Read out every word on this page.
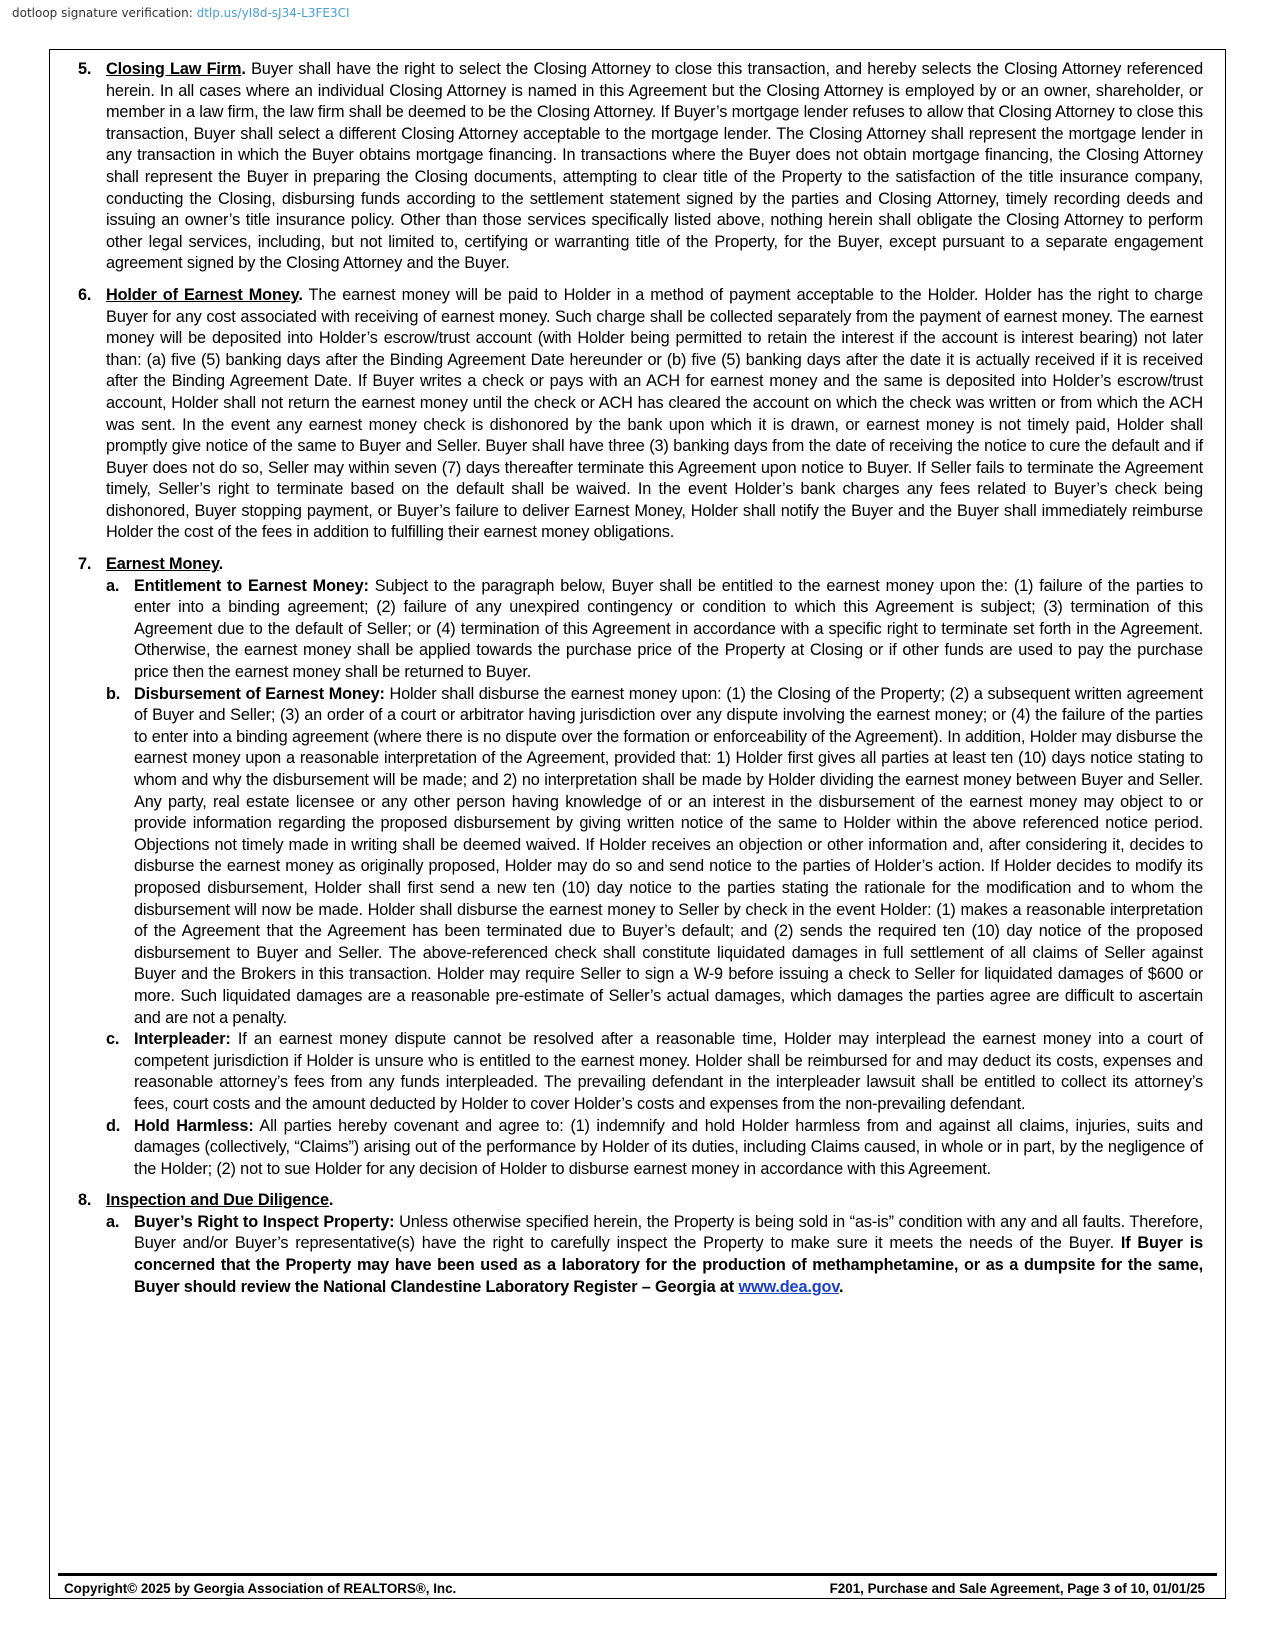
dotloop signature verification: dtlp.us/yI8d-sJ34-L3FE3CI
5. Closing Law Firm. Buyer shall have the right to select the Closing Attorney to close this transaction, and hereby selects the Closing Attorney referenced herein. In all cases where an individual Closing Attorney is named in this Agreement but the Closing Attorney is employed by or an owner, shareholder, or member in a law firm, the law firm shall be deemed to be the Closing Attorney. If Buyer’s mortgage lender refuses to allow that Closing Attorney to close this transaction, Buyer shall select a different Closing Attorney acceptable to the mortgage lender. The Closing Attorney shall represent the mortgage lender in any transaction in which the Buyer obtains mortgage financing. In transactions where the Buyer does not obtain mortgage financing, the Closing Attorney shall represent the Buyer in preparing the Closing documents, attempting to clear title of the Property to the satisfaction of the title insurance company, conducting the Closing, disbursing funds according to the settlement statement signed by the parties and Closing Attorney, timely recording deeds and issuing an owner’s title insurance policy. Other than those services specifically listed above, nothing herein shall obligate the Closing Attorney to perform other legal services, including, but not limited to, certifying or warranting title of the Property, for the Buyer, except pursuant to a separate engagement agreement signed by the Closing Attorney and the Buyer.
6. Holder of Earnest Money. The earnest money will be paid to Holder in a method of payment acceptable to the Holder. Holder has the right to charge Buyer for any cost associated with receiving of earnest money. Such charge shall be collected separately from the payment of earnest money. The earnest money will be deposited into Holder’s escrow/trust account (with Holder being permitted to retain the interest if the account is interest bearing) not later than: (a) five (5) banking days after the Binding Agreement Date hereunder or (b) five (5) banking days after the date it is actually received if it is received after the Binding Agreement Date. If Buyer writes a check or pays with an ACH for earnest money and the same is deposited into Holder’s escrow/trust account, Holder shall not return the earnest money until the check or ACH has cleared the account on which the check was written or from which the ACH was sent. In the event any earnest money check is dishonored by the bank upon which it is drawn, or earnest money is not timely paid, Holder shall promptly give notice of the same to Buyer and Seller. Buyer shall have three (3) banking days from the date of receiving the notice to cure the default and if Buyer does not do so, Seller may within seven (7) days thereafter terminate this Agreement upon notice to Buyer. If Seller fails to terminate the Agreement timely, Seller’s right to terminate based on the default shall be waived. In the event Holder’s bank charges any fees related to Buyer’s check being dishonored, Buyer stopping payment, or Buyer’s failure to deliver Earnest Money, Holder shall notify the Buyer and the Buyer shall immediately reimburse Holder the cost of the fees in addition to fulfilling their earnest money obligations.
7. Earnest Money.
a. Entitlement to Earnest Money: Subject to the paragraph below, Buyer shall be entitled to the earnest money upon the: (1) failure of the parties to enter into a binding agreement; (2) failure of any unexpired contingency or condition to which this Agreement is subject; (3) termination of this Agreement due to the default of Seller; or (4) termination of this Agreement in accordance with a specific right to terminate set forth in the Agreement. Otherwise, the earnest money shall be applied towards the purchase price of the Property at Closing or if other funds are used to pay the purchase price then the earnest money shall be returned to Buyer.
b. Disbursement of Earnest Money: Holder shall disburse the earnest money upon: (1) the Closing of the Property; (2) a subsequent written agreement of Buyer and Seller; (3) an order of a court or arbitrator having jurisdiction over any dispute involving the earnest money; or (4) the failure of the parties to enter into a binding agreement (where there is no dispute over the formation or enforceability of the Agreement). In addition, Holder may disburse the earnest money upon a reasonable interpretation of the Agreement, provided that: 1) Holder first gives all parties at least ten (10) days notice stating to whom and why the disbursement will be made; and 2) no interpretation shall be made by Holder dividing the earnest money between Buyer and Seller. Any party, real estate licensee or any other person having knowledge of or an interest in the disbursement of the earnest money may object to or provide information regarding the proposed disbursement by giving written notice of the same to Holder within the above referenced notice period. Objections not timely made in writing shall be deemed waived. If Holder receives an objection or other information and, after considering it, decides to disburse the earnest money as originally proposed, Holder may do so and send notice to the parties of Holder’s action. If Holder decides to modify its proposed disbursement, Holder shall first send a new ten (10) day notice to the parties stating the rationale for the modification and to whom the disbursement will now be made. Holder shall disburse the earnest money to Seller by check in the event Holder: (1) makes a reasonable interpretation of the Agreement that the Agreement has been terminated due to Buyer’s default; and (2) sends the required ten (10) day notice of the proposed disbursement to Buyer and Seller. The above-referenced check shall constitute liquidated damages in full settlement of all claims of Seller against Buyer and the Brokers in this transaction. Holder may require Seller to sign a W-9 before issuing a check to Seller for liquidated damages of $600 or more. Such liquidated damages are a reasonable pre-estimate of Seller’s actual damages, which damages the parties agree are difficult to ascertain and are not a penalty.
c. Interpleader: If an earnest money dispute cannot be resolved after a reasonable time, Holder may interplead the earnest money into a court of competent jurisdiction if Holder is unsure who is entitled to the earnest money. Holder shall be reimbursed for and may deduct its costs, expenses and reasonable attorney’s fees from any funds interpleaded. The prevailing defendant in the interpleader lawsuit shall be entitled to collect its attorney’s fees, court costs and the amount deducted by Holder to cover Holder’s costs and expenses from the non-prevailing defendant.
d. Hold Harmless: All parties hereby covenant and agree to: (1) indemnify and hold Holder harmless from and against all claims, injuries, suits and damages (collectively, “Claims”) arising out of the performance by Holder of its duties, including Claims caused, in whole or in part, by the negligence of the Holder; (2) not to sue Holder for any decision of Holder to disburse earnest money in accordance with this Agreement.
8. Inspection and Due Diligence.
a. Buyer’s Right to Inspect Property: Unless otherwise specified herein, the Property is being sold in “as-is” condition with any and all faults. Therefore, Buyer and/or Buyer’s representative(s) have the right to carefully inspect the Property to make sure it meets the needs of the Buyer. If Buyer is concerned that the Property may have been used as a laboratory for the production of methamphetamine, or as a dumpsite for the same, Buyer should review the National Clandestine Laboratory Register – Georgia at www.dea.gov.
Copyright© 2025 by Georgia Association of REALTORS®, Inc.	F201, Purchase and Sale Agreement, Page 3 of 10, 01/01/25
